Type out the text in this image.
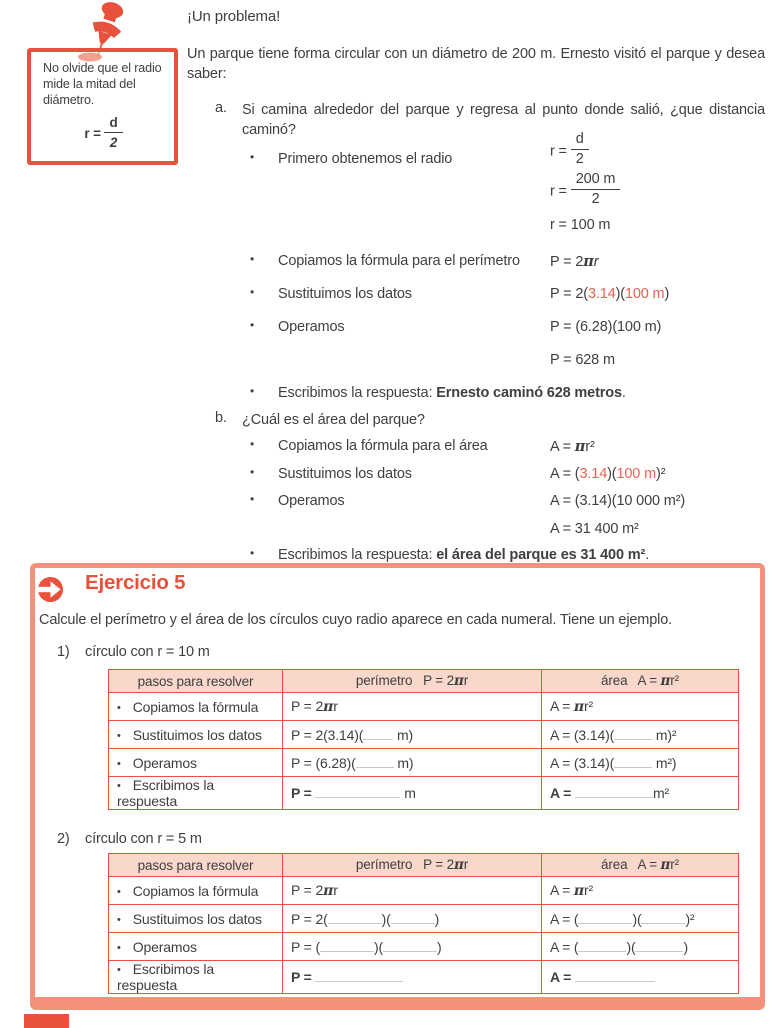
No olvide que el radio mide la mitad del diámetro.
$r = \frac{d}{2}$
¡Un problema!
Un parque tiene forma circular con un diámetro de 200 m. Ernesto visitó el parque y desea saber:
a. Si camina alrededor del parque y regresa al punto donde salió, ¿que distancia caminó?
• Primero obtenemos el radio	$r = \frac{d}{2}$
$r = \frac{200 m}{2}$
r = 100 m
• Copiamos la fórmula para el perímetro P = 2πr
• Sustituimos los datos	P = 2(3.14)(100 m)
• Operamos	P = (6.28)(100 m)
P = 628 m
• Escribimos la respuesta: Ernesto caminó 628 metros.
b. ¿Cuál es el área del parque?
• Copiamos la fórmula para el área	A = πr²
• Sustituimos los datos	A = (3.14)(100 m)²
• Operamos	A = (3.14)(10 000 m²)
A = 31 400 m²
• Escribimos la respuesta: el área del parque es 31 400 m².
Ejercicio 5
Calcule el perímetro y el área de los círculos cuyo radio aparece en cada numeral. Tiene un ejemplo.
1) círculo con r = 10 m
pasos para resolver	perímetro   P = 2πr	área   A = πr²
• Copiamos la fórmula	P = 2πr	A = πr²
• Sustituimos los datos	P = 2(3.14)( m)	A = (3.14)( m)²
• Operamos	P = (6.28)( m)	A = (3.14)( m²)
• Escribimos la respuesta	P = m	A = m²
2) círculo con r = 5 m
pasos para resolver	perímetro   P = 2πr	área   A = πr²
• Copiamos la fórmula	P = 2πr	A = πr²
• Sustituimos los datos	P = 2( )( )	A = ( )( )²
• Operamos	P = ( )( )	A = ( )( )
• Escribimos la respuesta	P =	A =
